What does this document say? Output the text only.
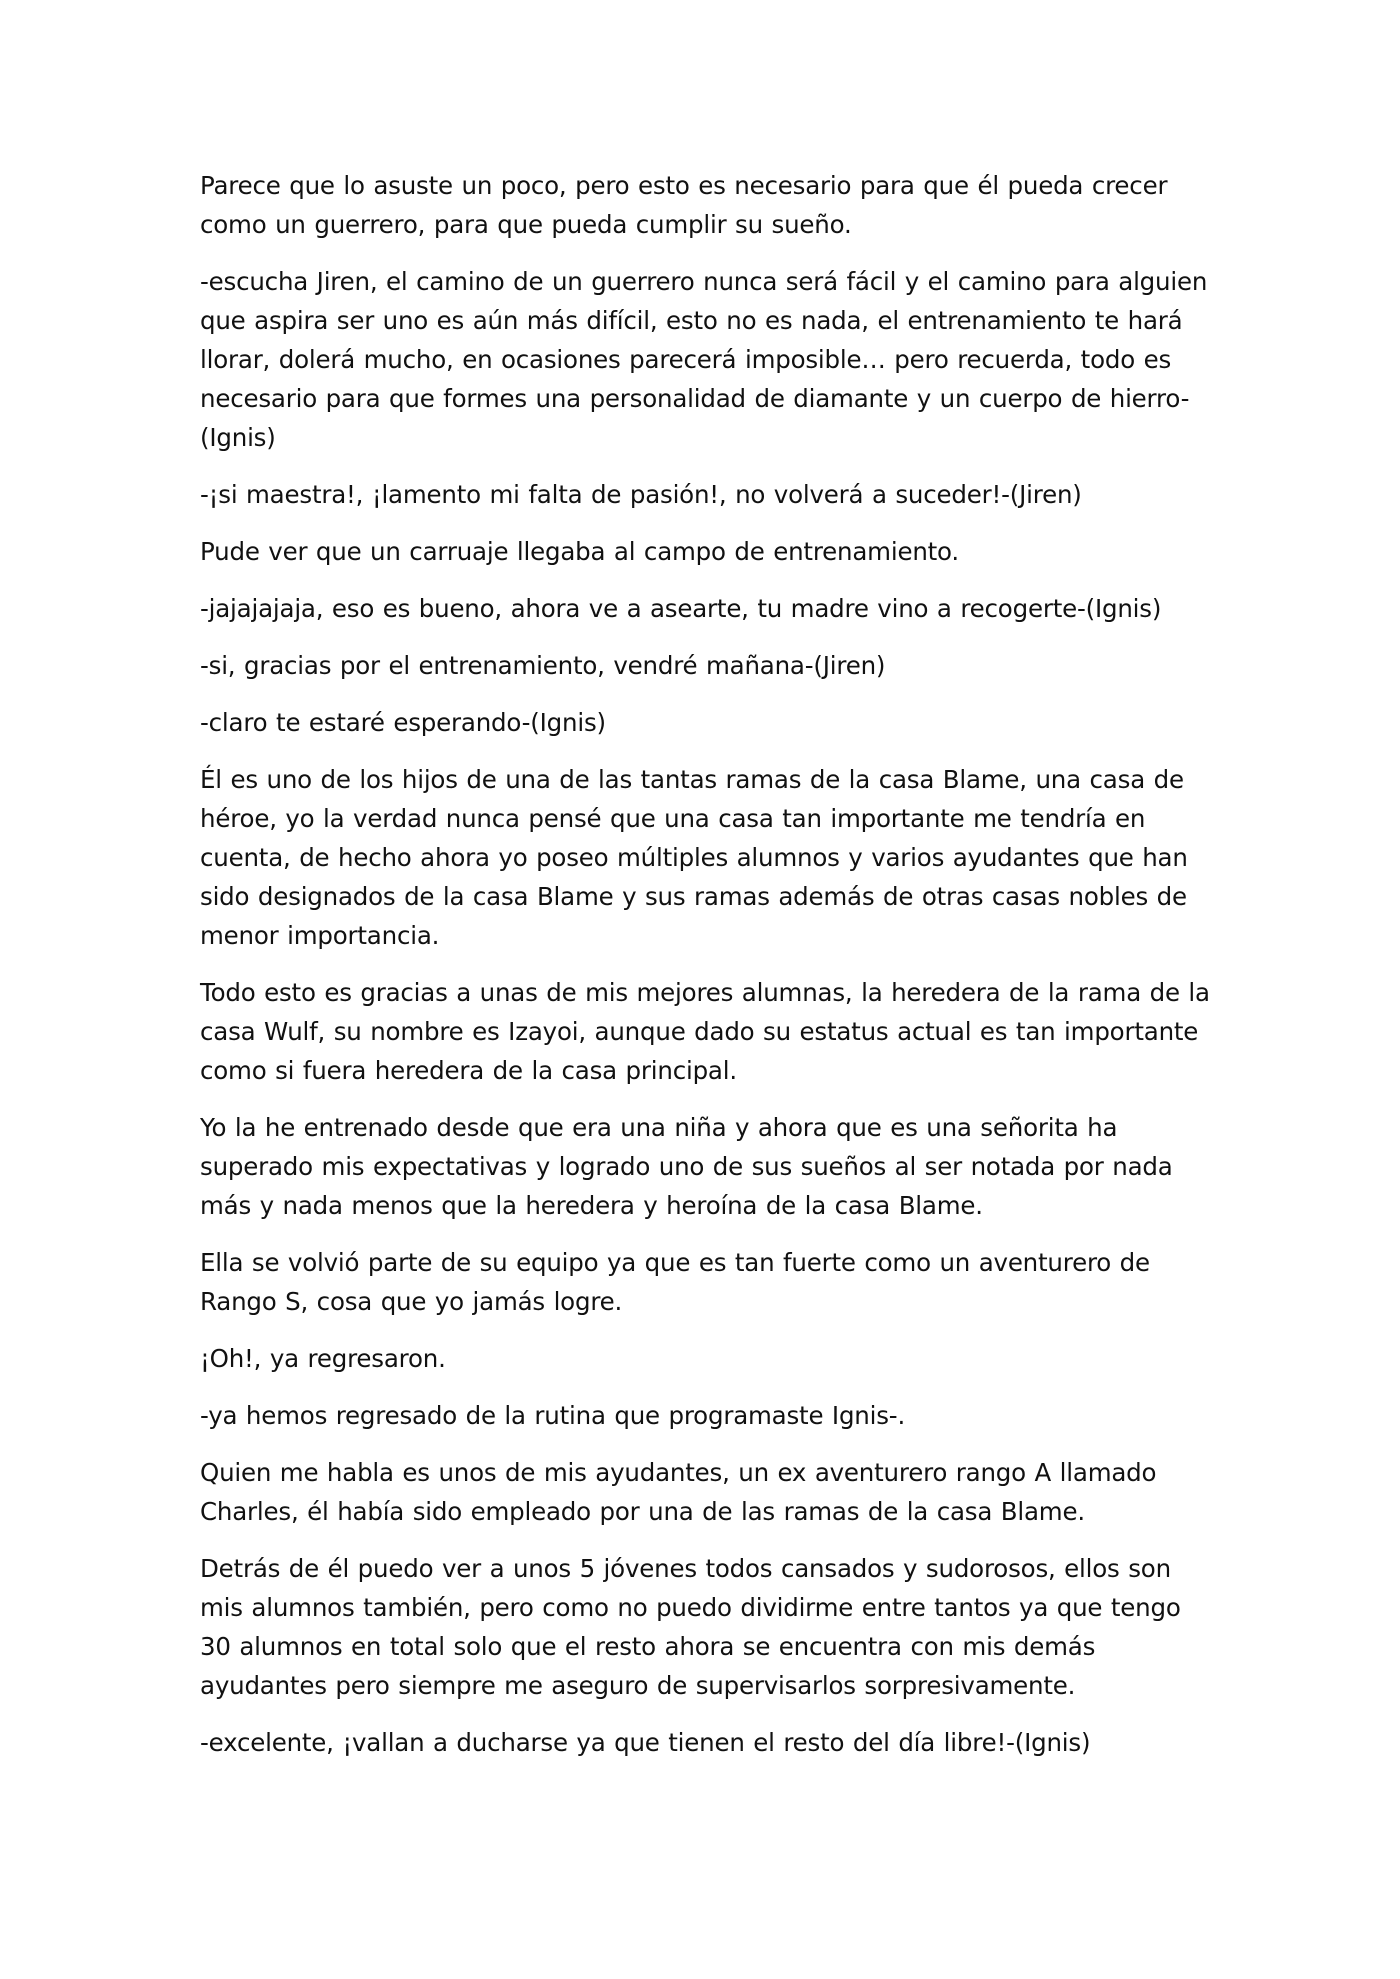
Parece que lo asuste un poco, pero esto es necesario para que él pueda crecer como un guerrero, para que pueda cumplir su sueño.

-escucha Jiren, el camino de un guerrero nunca será fácil y el camino para alguien que aspira ser uno es aún más difícil, esto no es nada, el entrenamiento te hará llorar, dolerá mucho, en ocasiones parecerá imposible… pero recuerda, todo es necesario para que formes una personalidad de diamante y un cuerpo de hierro-(Ignis)

-¡si maestra!, ¡lamento mi falta de pasión!, no volverá a suceder!-(Jiren)

Pude ver que un carruaje llegaba al campo de entrenamiento.

-jajajajaja, eso es bueno, ahora ve a asearte, tu madre vino a recogerte-(Ignis)

-si, gracias por el entrenamiento, vendré mañana-(Jiren)

-claro te estaré esperando-(Ignis)

Él es uno de los hijos de una de las tantas ramas de la casa Blame, una casa de héroe, yo la verdad nunca pensé que una casa tan importante me tendría en cuenta, de hecho ahora yo poseo múltiples alumnos y varios ayudantes que han sido designados de la casa Blame y sus ramas además de otras casas nobles de menor importancia.

Todo esto es gracias a unas de mis mejores alumnas, la heredera de la rama de la casa Wulf, su nombre es Izayoi, aunque dado su estatus actual es tan importante como si fuera heredera de la casa principal.

Yo la he entrenado desde que era una niña y ahora que es una señorita ha superado mis expectativas y logrado uno de sus sueños al ser notada por nada más y nada menos que la heredera y heroína de la casa Blame.

Ella se volvió parte de su equipo ya que es tan fuerte como un aventurero de Rango S, cosa que yo jamás logre.

¡Oh!, ya regresaron.

-ya hemos regresado de la rutina que programaste Ignis-.

Quien me habla es unos de mis ayudantes, un ex aventurero rango A llamado Charles, él había sido empleado por una de las ramas de la casa Blame.

Detrás de él puedo ver a unos 5 jóvenes todos cansados y sudorosos, ellos son mis alumnos también, pero como no puedo dividirme entre tantos ya que tengo 30 alumnos en total solo que el resto ahora se encuentra con mis demás ayudantes pero siempre me aseguro de supervisarlos sorpresivamente.

-excelente, ¡vallan a ducharse ya que tienen el resto del día libre!-(Ignis)
